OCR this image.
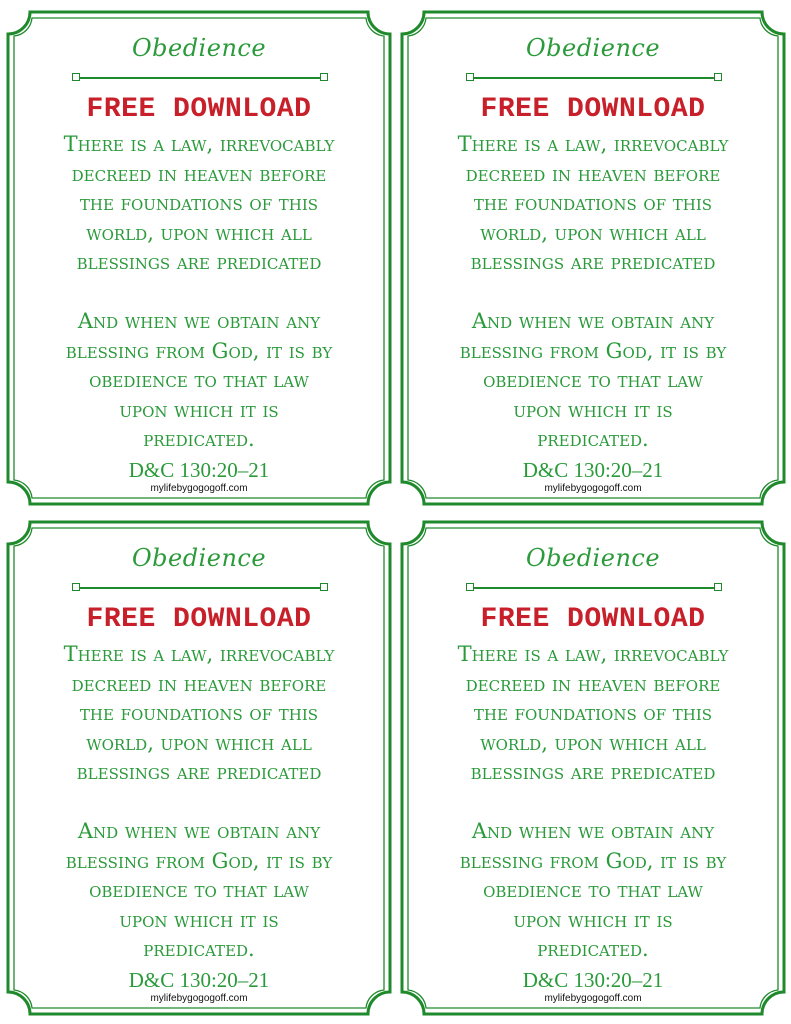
Obedience
FREE DOWNLOAD

There is a law, irrevocably

decreed in heaven before

the foundations of this

world, upon which all

blessings are predicated

And when we obtain any

blessing from God, it is by

obedience to that law

upon which it is

predicated.

D&C 130:20–21
mylifebygogogoff.com
Obedience
FREE DOWNLOAD

There is a law, irrevocably

decreed in heaven before

the foundations of this

world, upon which all

blessings are predicated

And when we obtain any

blessing from God, it is by

obedience to that law

upon which it is

predicated.

D&C 130:20–21
mylifebygogogoff.com
Obedience
FREE DOWNLOAD

There is a law, irrevocably

decreed in heaven before

the foundations of this

world, upon which all

blessings are predicated

And when we obtain any

blessing from God, it is by

obedience to that law

upon which it is

predicated.

D&C 130:20–21
mylifebygogogoff.com
Obedience
FREE DOWNLOAD

There is a law, irrevocably

decreed in heaven before

the foundations of this

world, upon which all

blessings are predicated

And when we obtain any

blessing from God, it is by

obedience to that law

upon which it is

predicated.

D&C 130:20–21
mylifebygogogoff.com
